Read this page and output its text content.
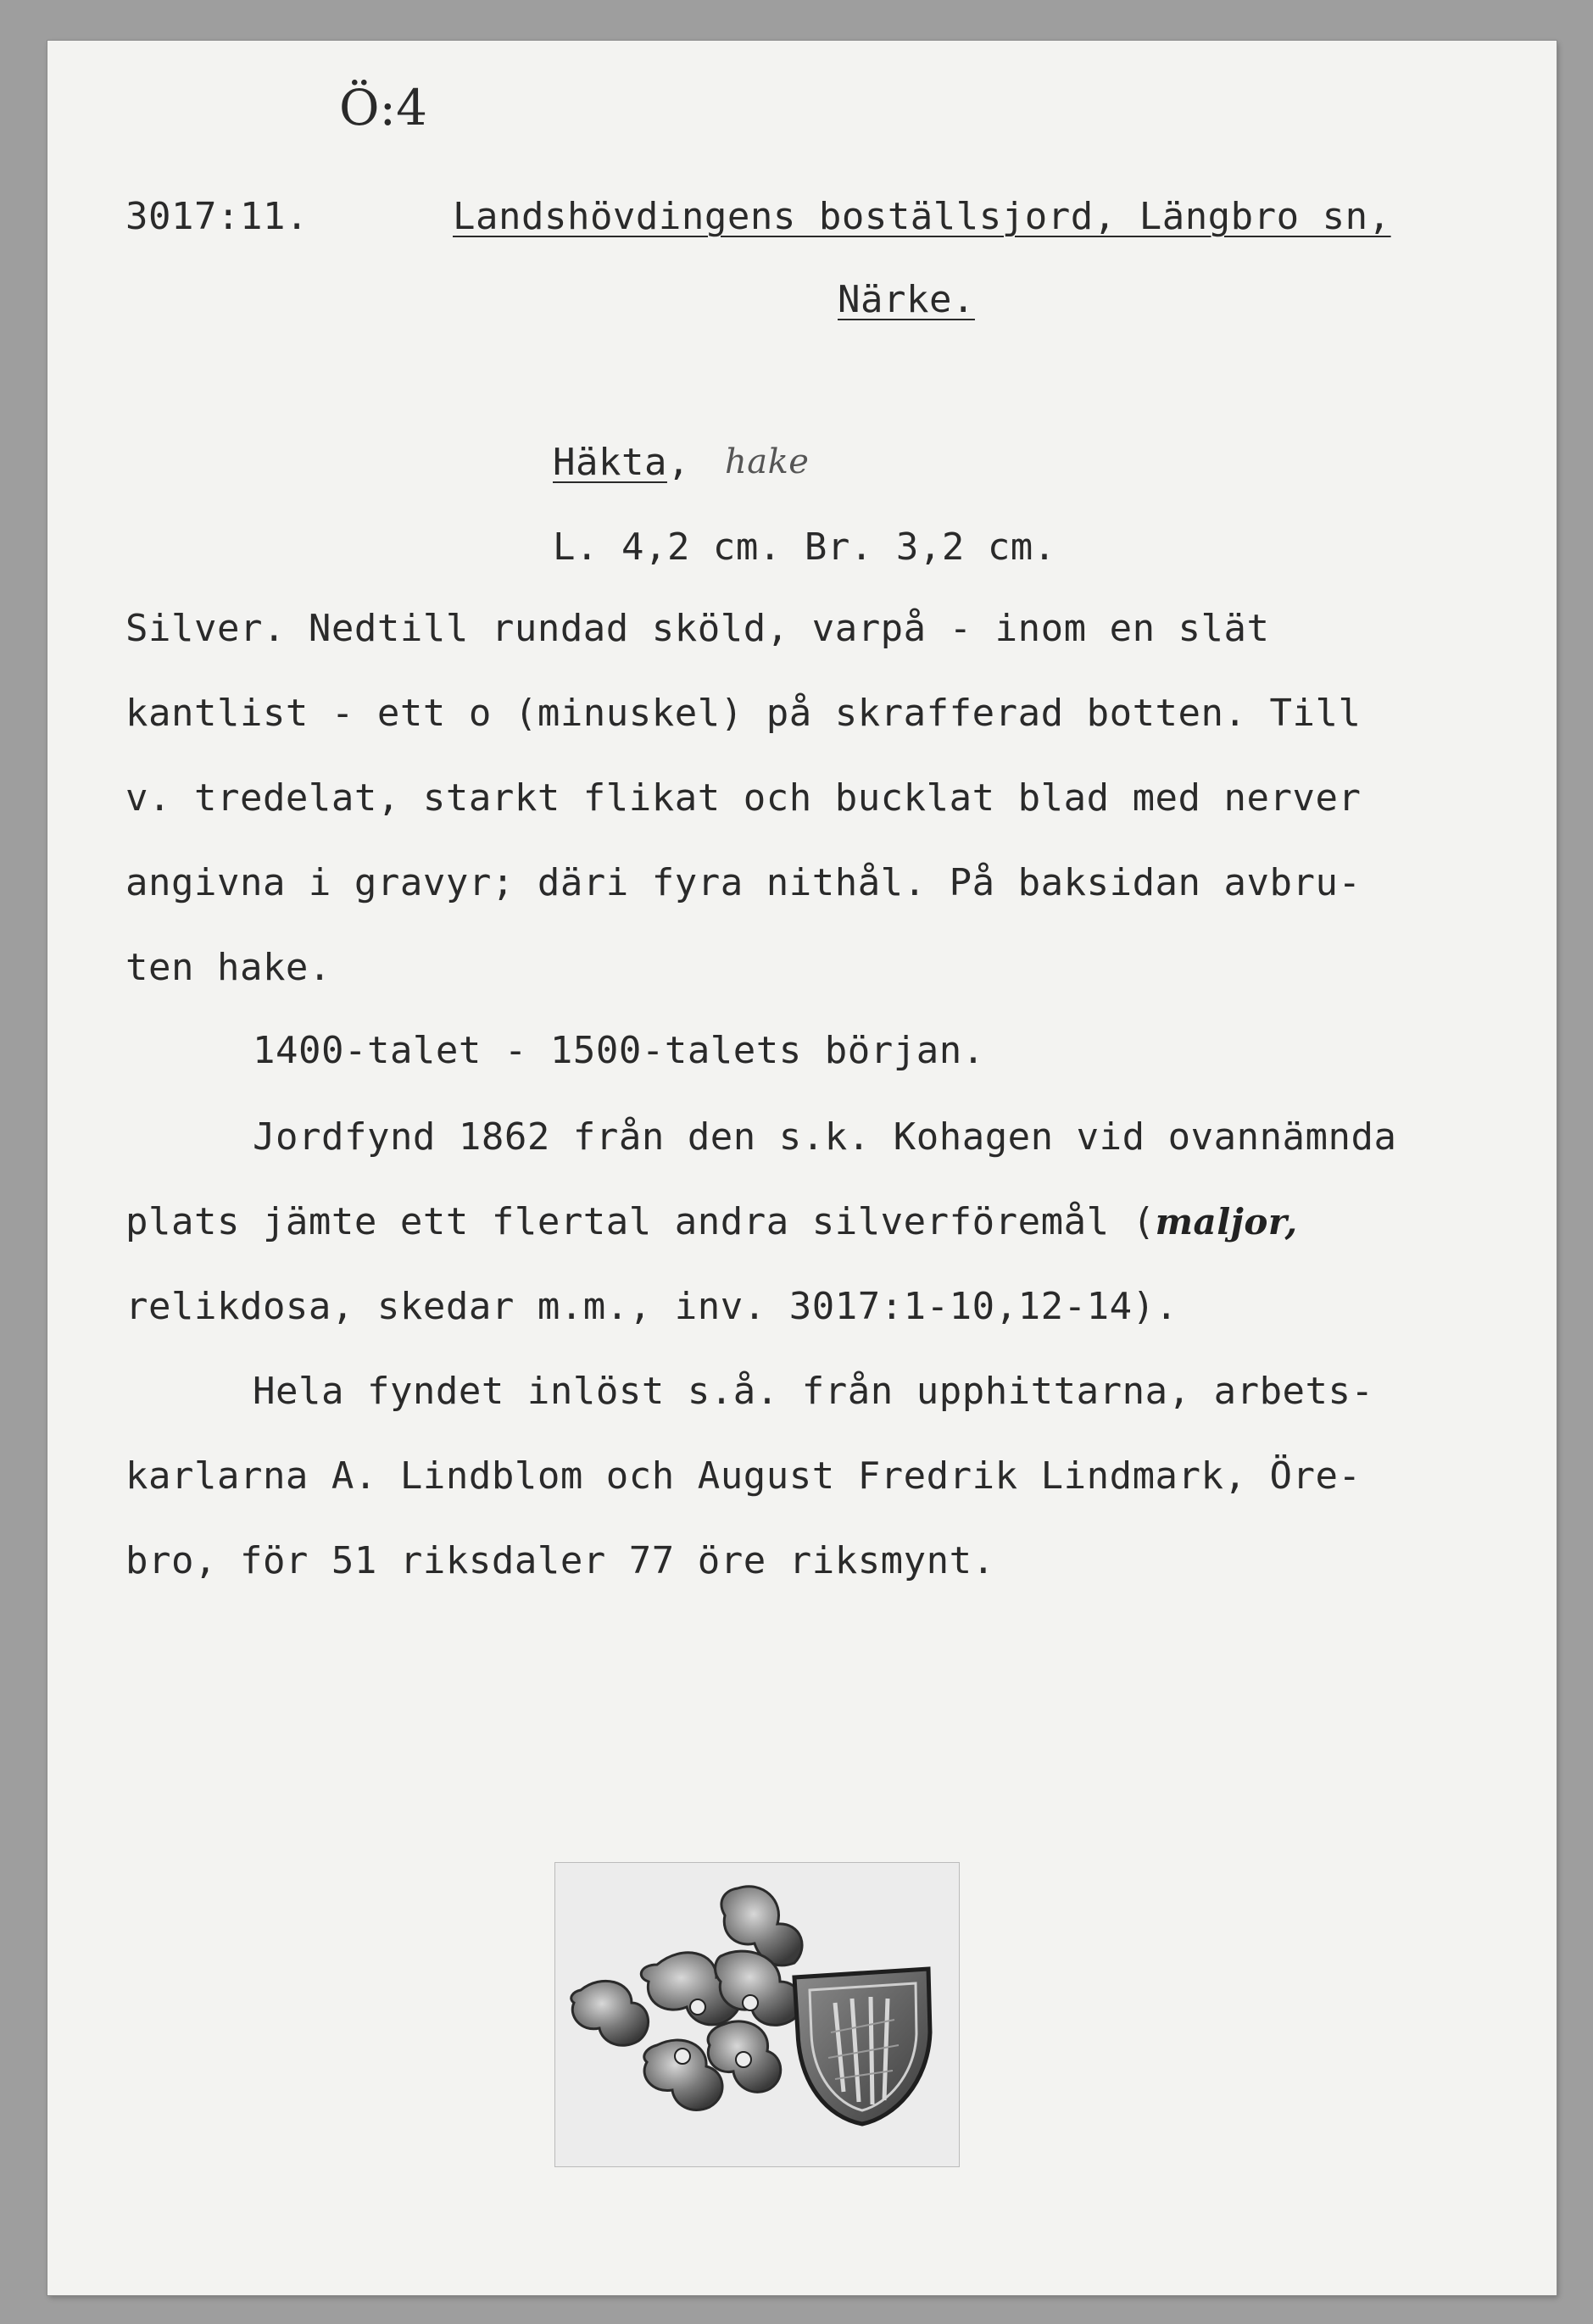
Ö:4
3017:11.	Landshövdingens boställsjord, Längbro sn,
Närke.
Häkta, hake
L. 4,2 cm. Br. 3,2 cm.
Silver. Nedtill rundad sköld, varpå - inom en slät
kantlist - ett o (minuskel) på skrafferad botten. Till
v. tredelat, starkt flikat och bucklat blad med nerver
angivna i gravyr; däri fyra nithål. På baksidan avbru-
ten hake.
1400-talet - 1500-talets början.
Jordfynd 1862 från den s.k. Kohagen vid ovannämnda
plats jämte ett flertal andra silverföremål (maljor,
relikdosa, skedar m.m., inv. 3017:1-10,12-14).
Hela fyndet inlöst s.å. från upphittarna, arbets-
karlarna A. Lindblom och August Fredrik Lindmark, Öre-
bro, för 51 riksdaler 77 öre riksmynt.
